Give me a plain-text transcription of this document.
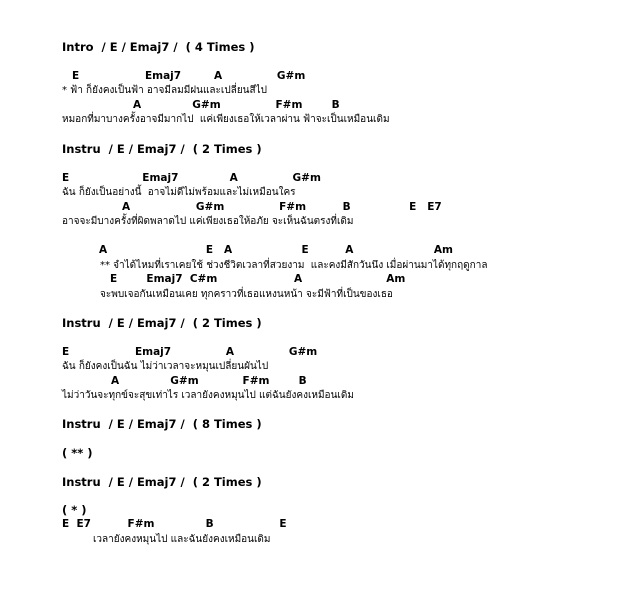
Intro  / E / Emaj7 /  ( 4 Times )
E                  Emaj7         A               G#m
* ฟ้า ก็ยังคงเป็นฟ้า อาจมีลมมีฝนและเปลี่ยนสีไป
A              G#m               F#m        B
หมอกที่มาบางครั้งอาจมีมากไป  แค่เพียงเธอให้เวลาผ่าน ฟ้าจะเป็นเหมือนเดิม
Instru  / E / Emaj7 /  ( 2 Times )
E                    Emaj7              A               G#m
ฉัน ก็ยังเป็นอย่างนี้  อาจไม่ดีไม่พร้อมและไม่เหมือนใคร
A                  G#m               F#m          B                E   E7
อาจจะมีบางครั้งที่ผิดพลาดไป แค่เพียงเธอให้อภัย จะเห็นฉันตรงที่เดิม
A                           E   A                   E          A                      Am
** จำได้ไหมที่เราเคยใช้ ช่วงชีวิตเวลาที่สวยงาม  และคงมีสักวันนึง เมื่อผ่านมาได้ทุกฤดูกาล
E        Emaj7  C#m                     A                       Am
จะพบเจอกันเหมือนเคย ทุกคราวที่เธอแหงนหน้า จะมีฟ้าที่เป็นของเธอ
Instru  / E / Emaj7 /  ( 2 Times )
E                  Emaj7               A               G#m
ฉัน ก็ยังคงเป็นฉัน ไม่ว่าเวลาจะหมุนเปลี่ยนผันไป
A              G#m            F#m        B
ไม่ว่าวันจะทุกข์จะสุขเท่าไร เวลายังคงหมุนไป แต่ฉันยังคงเหมือนเดิม
Instru  / E / Emaj7 /  ( 8 Times )
( ** )
Instru  / E / Emaj7 /  ( 2 Times )
( * )
E  E7          F#m              B                  E
เวลายังคงหมุนไป และฉันยังคงเหมือนเดิม
